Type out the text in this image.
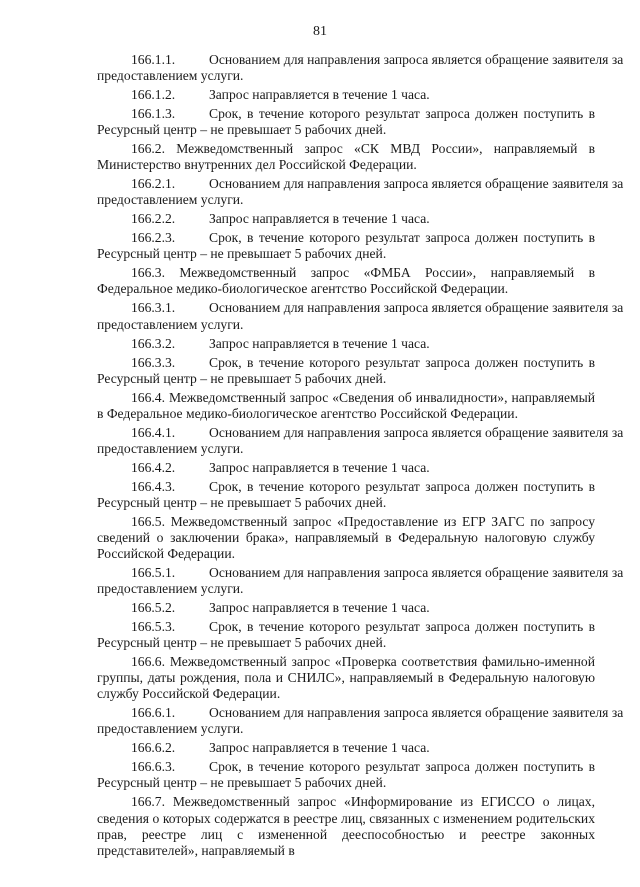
81
166.1.1.	Основанием для направления запроса является обращение заявителя за

предоставлением услуги.

166.1.2.	Запрос направляется в течение 1 часа.
166.1.3.	Срок, в течение которого результат запроса должен поступить в

Ресурсный центр – не превышает 5 рабочих дней.

166.2. Межведомственный запрос «СК МВД России», направляемый в Министерство внутренних дел Российской Федерации.

166.2.1.	Основанием для направления запроса является обращение заявителя за

предоставлением услуги.

166.2.2.	Запрос направляется в течение 1 часа.
166.2.3.	Срок, в течение которого результат запроса должен поступить в

Ресурсный центр – не превышает 5 рабочих дней.

166.3. Межведомственный запрос «ФМБА России», направляемый в Федеральное медико-биологическое агентство Российской Федерации.

166.3.1.	Основанием для направления запроса является обращение заявителя за

предоставлением услуги.

166.3.2.	Запрос направляется в течение 1 часа.
166.3.3.	Срок, в течение которого результат запроса должен поступить в

Ресурсный центр – не превышает 5 рабочих дней.

166.4. Межведомственный запрос «Сведения об инвалидности», направляемый в Федеральное медико-биологическое агентство Российской Федерации.

166.4.1.	Основанием для направления запроса является обращение заявителя за

предоставлением услуги.

166.4.2.	Запрос направляется в течение 1 часа.
166.4.3.	Срок, в течение которого результат запроса должен поступить в

Ресурсный центр – не превышает 5 рабочих дней.

166.5. Межведомственный запрос «Предоставление из ЕГР ЗАГС по запросу сведений о заключении брака», направляемый в Федеральную налоговую службу Российской Федерации.

166.5.1.	Основанием для направления запроса является обращение заявителя за

предоставлением услуги.

166.5.2.	Запрос направляется в течение 1 часа.
166.5.3.	Срок, в течение которого результат запроса должен поступить в

Ресурсный центр – не превышает 5 рабочих дней.

166.6. Межведомственный запрос «Проверка соответствия фамильно-именной группы, даты рождения, пола и СНИЛС», направляемый в Федеральную налоговую службу Российской Федерации.

166.6.1.	Основанием для направления запроса является обращение заявителя за

предоставлением услуги.

166.6.2.	Запрос направляется в течение 1 часа.
166.6.3.	Срок, в течение которого результат запроса должен поступить в

Ресурсный центр – не превышает 5 рабочих дней.

166.7. Межведомственный запрос «Информирование из ЕГИССО о лицах, сведения о которых содержатся в реестре лиц, связанных с изменением родительских прав, реестре лиц с измененной дееспособностью и реестре законных представителей», направляемый в
